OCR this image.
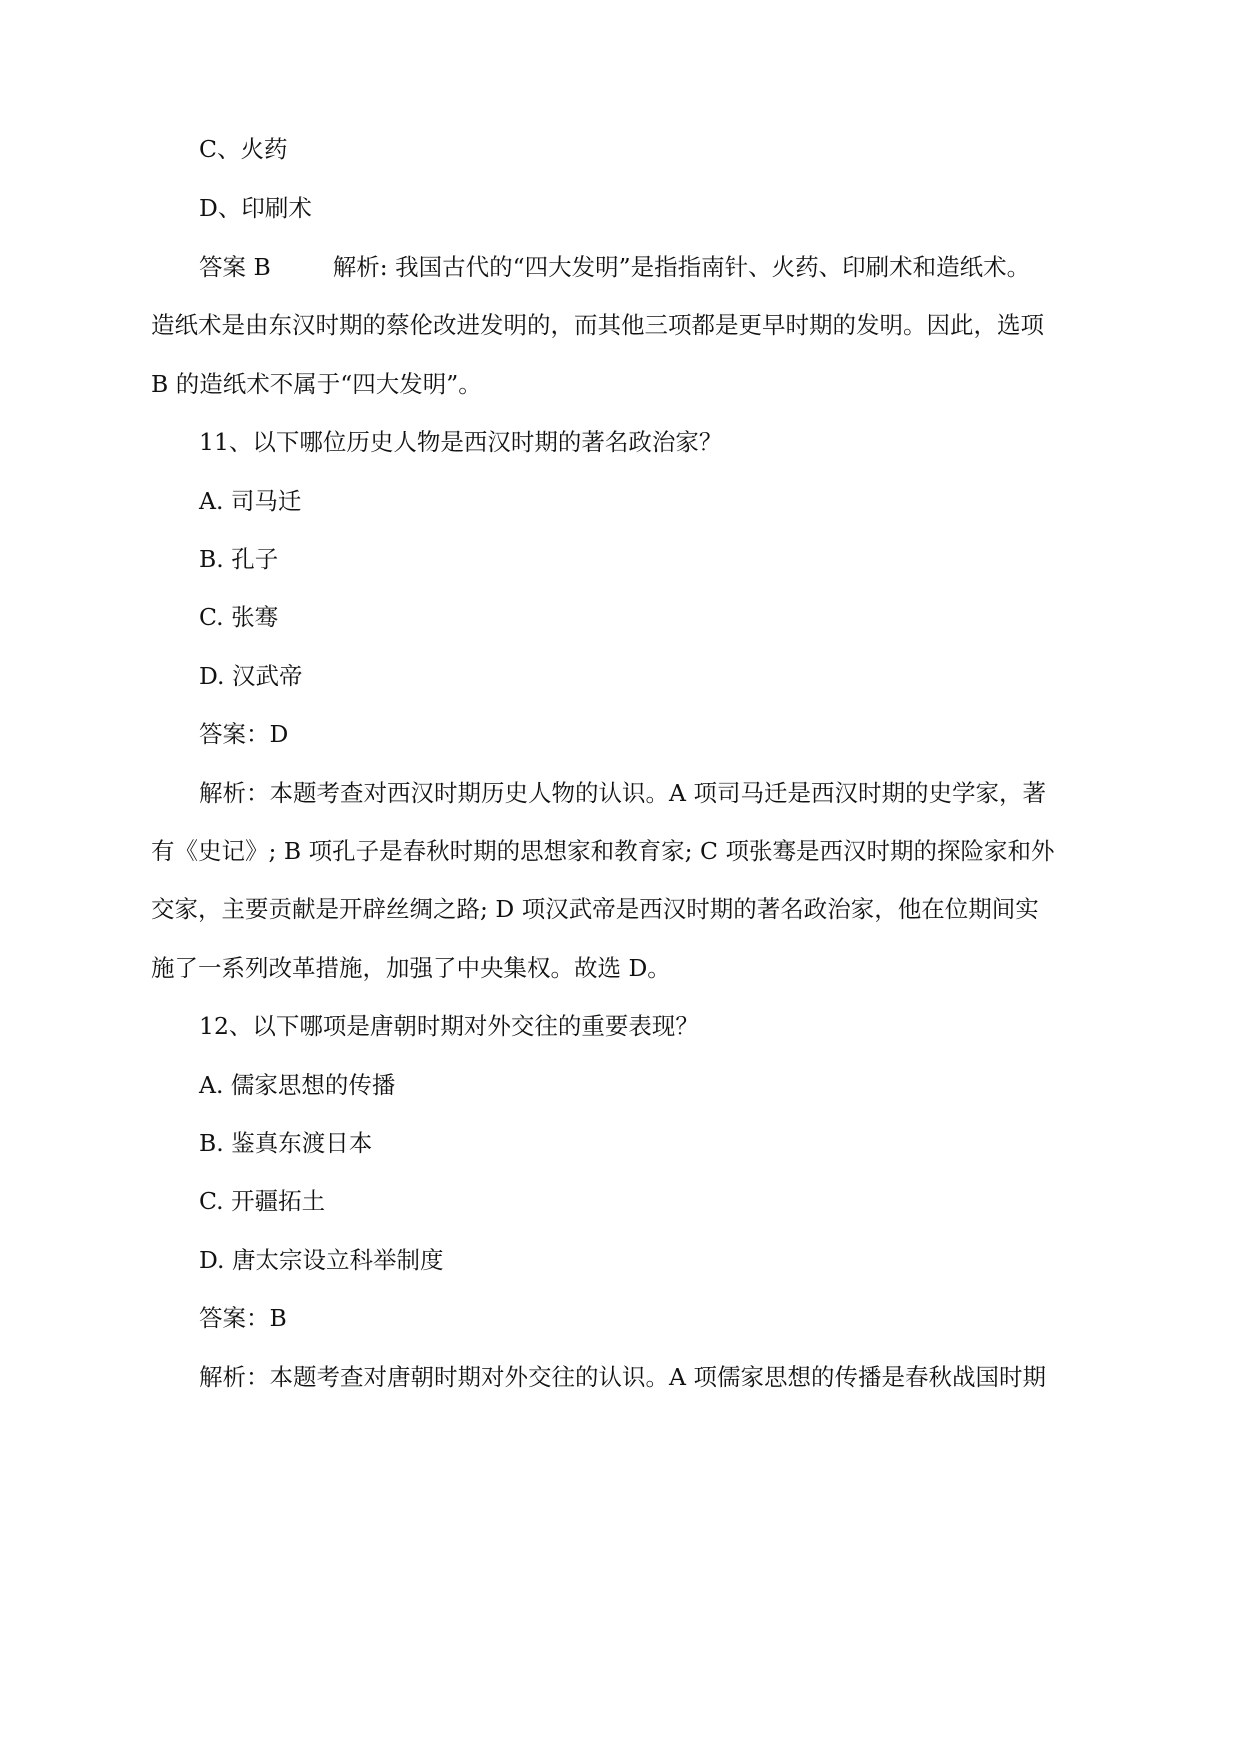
C、火药
D、印刷术
答案 B	解析: 我国古代的“四大发明”是指指南针、火药、印刷术和造纸术。
造纸术是由东汉时期的蔡伦改进发明的，而其他三项都是更早时期的发明。因此，选项
B 的造纸术不属于“四大发明”。
11、以下哪位历史人物是西汉时期的著名政治家？
A. 司马迁
B. 孔子
C. 张骞
D. 汉武帝
答案：D
解析：本题考查对西汉时期历史人物的认识。A 项司马迁是西汉时期的史学家，著
有《史记》; B 项孔子是春秋时期的思想家和教育家; C 项张骞是西汉时期的探险家和外
交家，主要贡献是开辟丝绸之路; D 项汉武帝是西汉时期的著名政治家，他在位期间实
施了一系列改革措施，加强了中央集权。故选 D。
12、以下哪项是唐朝时期对外交往的重要表现？
A. 儒家思想的传播
B. 鉴真东渡日本
C. 开疆拓土
D. 唐太宗设立科举制度
答案：B
解析：本题考查对唐朝时期对外交往的认识。A 项儒家思想的传播是春秋战国时期
